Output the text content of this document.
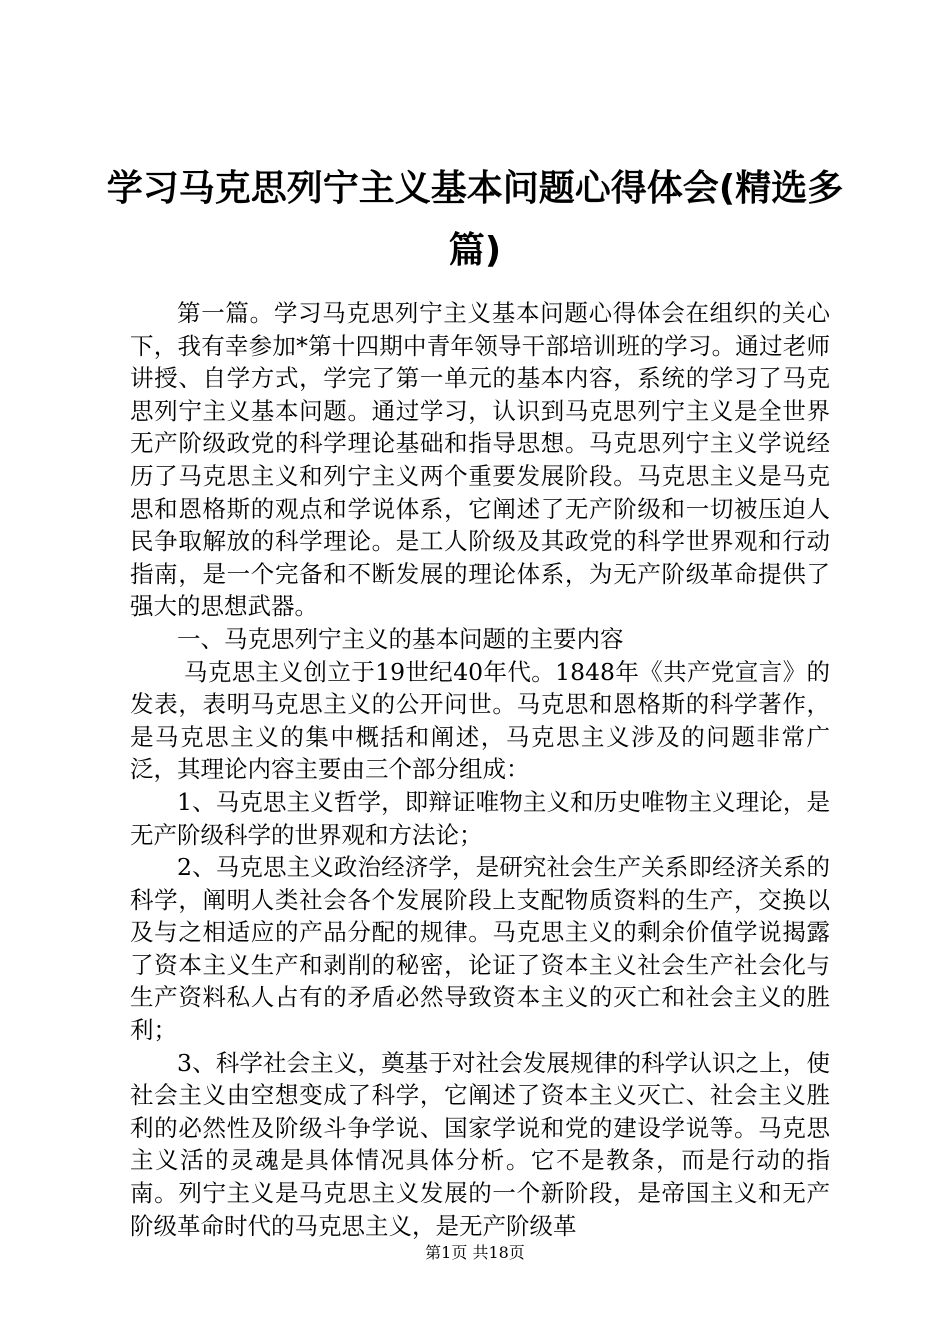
学习马克思列宁主义基本问题心得体会(精选多篇)

第一篇。学习马克思列宁主义基本问题心得体会在组织的关心下，我有幸参加*第十四期中青年领导干部培训班的学习。通过老师讲授、自学方式，学完了第一单元的基本内容，系统的学习了马克思列宁主义基本问题。通过学习，认识到马克思列宁主义是全世界无产阶级政党的科学理论基础和指导思想。马克思列宁主义学说经历了马克思主义和列宁主义两个重要发展阶段。马克思主义是马克思和恩格斯的观点和学说体系，它阐述了无产阶级和一切被压迫人民争取解放的科学理论。是工人阶级及其政党的科学世界观和行动指南，是一个完备和不断发展的理论体系，为无产阶级革命提供了强大的思想武器。

一、马克思列宁主义的基本问题的主要内容

马克思主义创立于19世纪40年代。1848年《共产党宣言》的发表，表明马克思主义的公开问世。马克思和恩格斯的科学著作，是马克思主义的集中概括和阐述，马克思主义涉及的问题非常广泛，其理论内容主要由三个部分组成：

1、马克思主义哲学，即辩证唯物主义和历史唯物主义理论，是无产阶级科学的世界观和方法论；

2、马克思主义政治经济学，是研究社会生产关系即经济关系的科学，阐明人类社会各个发展阶段上支配物质资料的生产，交换以及与之相适应的产品分配的规律。马克思主义的剩余价值学说揭露了资本主义生产和剥削的秘密，论证了资本主义社会生产社会化与生产资料私人占有的矛盾必然导致资本主义的灭亡和社会主义的胜利；

3、科学社会主义，奠基于对社会发展规律的科学认识之上，使社会主义由空想变成了科学，它阐述了资本主义灭亡、社会主义胜利的必然性及阶级斗争学说、国家学说和党的建设学说等。马克思主义活的灵魂是具体情况具体分析。它不是教条，而是行动的指南。列宁主义是马克思主义发展的一个新阶段，是帝国主义和无产阶级革命时代的马克思主义，是无产阶级革

第1页 共18页
